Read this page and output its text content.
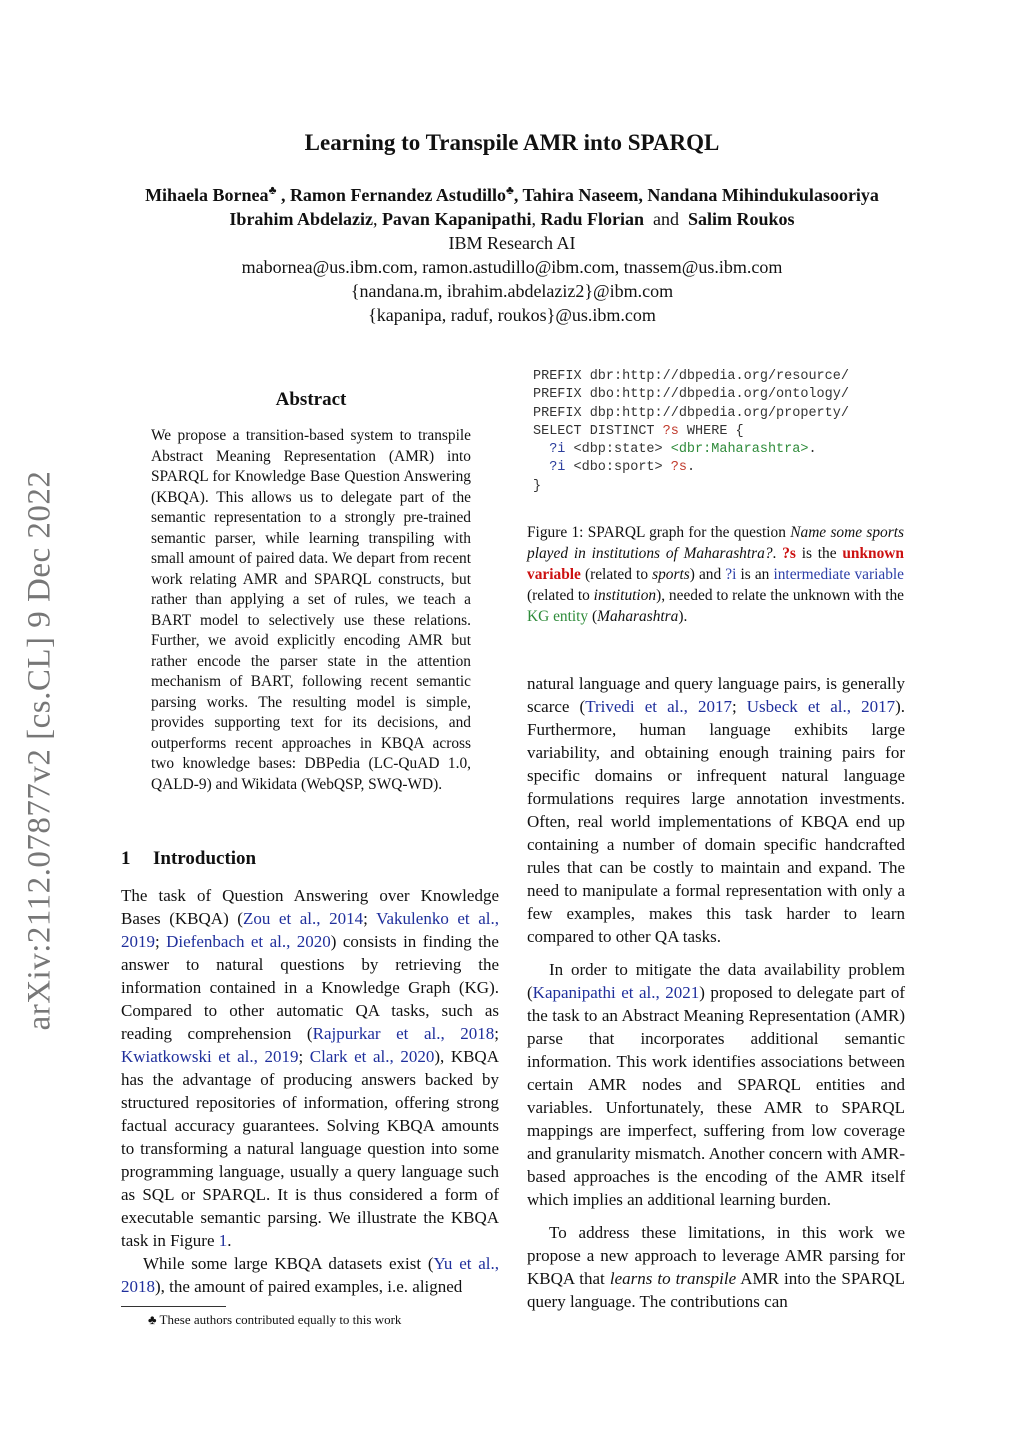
arXiv:2112.07877v2 [cs.CL] 9 Dec 2022
Learning to Transpile AMR into SPARQL
Mihaela Bornea♣ , Ramon Fernandez Astudillo♣, Tahira Naseem, Nandana Mihindukulasooriya
Ibrahim Abdelaziz, Pavan Kapanipathi, Radu Florian  and  Salim Roukos
IBM Research AI
mabornea@us.ibm.com, ramon.astudillo@ibm.com, tnassem@us.ibm.com
{nandana.m, ibrahim.abdelaziz2}@ibm.com
{kapanipa, raduf, roukos}@us.ibm.com
Abstract

We propose a transition-based system to transpile Abstract Meaning Representation (AMR) into SPARQL for Knowledge Base Question Answering (KBQA). This allows us to delegate part of the semantic representation to a strongly pre-trained semantic parser, while learning transpiling with small amount of paired data. We depart from recent work relating AMR and SPARQL constructs, but rather than applying a set of rules, we teach a BART model to selectively use these relations. Further, we avoid explicitly encoding AMR but rather encode the parser state in the attention mechanism of BART, following recent semantic parsing works. The resulting model is simple, provides supporting text for its decisions, and outperforms recent approaches in KBQA across two knowledge bases: DBPedia (LC-QuAD 1.0, QALD-9) and Wikidata (WebQSP, SWQ-WD).

1 Introduction

The task of Question Answering over Knowledge Bases (KBQA) (Zou et al., 2014; Vakulenko et al., 2019; Diefenbach et al., 2020) consists in finding the answer to natural questions by retrieving the information contained in a Knowledge Graph (KG). Compared to other automatic QA tasks, such as reading comprehension (Rajpurkar et al., 2018; Kwiatkowski et al., 2019; Clark et al., 2020), KBQA has the advantage of producing answers backed by structured repositories of information, offering strong factual accuracy guarantees. Solving KBQA amounts to transforming a natural language question into some programming language, usually a query language such as SQL or SPARQL. It is thus considered a form of executable semantic parsing. We illustrate the KBQA task in Figure 1.

While some large KBQA datasets exist (Yu et al., 2018), the amount of paired examples, i.e. aligned

♣ These authors contributed equally to this work
PREFIX dbr:http://dbpedia.org/resource/
PREFIX dbo:http://dbpedia.org/ontology/
PREFIX dbp:http://dbpedia.org/property/
SELECT DISTINCT ?s WHERE {
?i <dbp:state> <dbr:Maharashtra>.
?i <dbo:sport> ?s.
}
Figure 1: SPARQL graph for the question Name some sports played in institutions of Maharashtra?. ?s is the unknown variable (related to sports) and ?i is an intermediate variable (related to institution), needed to relate the unknown with the KG entity (Maharashtra).

natural language and query language pairs, is generally scarce (Trivedi et al., 2017; Usbeck et al., 2017). Furthermore, human language exhibits large variability, and obtaining enough training pairs for specific domains or infrequent natural language formulations requires large annotation investments. Often, real world implementations of KBQA end up containing a number of domain specific handcrafted rules that can be costly to maintain and expand. The need to manipulate a formal representation with only a few examples, makes this task harder to learn compared to other QA tasks.

In order to mitigate the data availability problem (Kapanipathi et al., 2021) proposed to delegate part of the task to an Abstract Meaning Representation (AMR) parse that incorporates additional semantic information. This work identifies associations between certain AMR nodes and SPARQL entities and variables. Unfortunately, these AMR to SPARQL mappings are imperfect, suffering from low coverage and granularity mismatch. Another concern with AMR-based approaches is the encoding of the AMR itself which implies an additional learning burden.

To address these limitations, in this work we propose a new approach to leverage AMR parsing for KBQA that learns to transpile AMR into the SPARQL query language. The contributions can
